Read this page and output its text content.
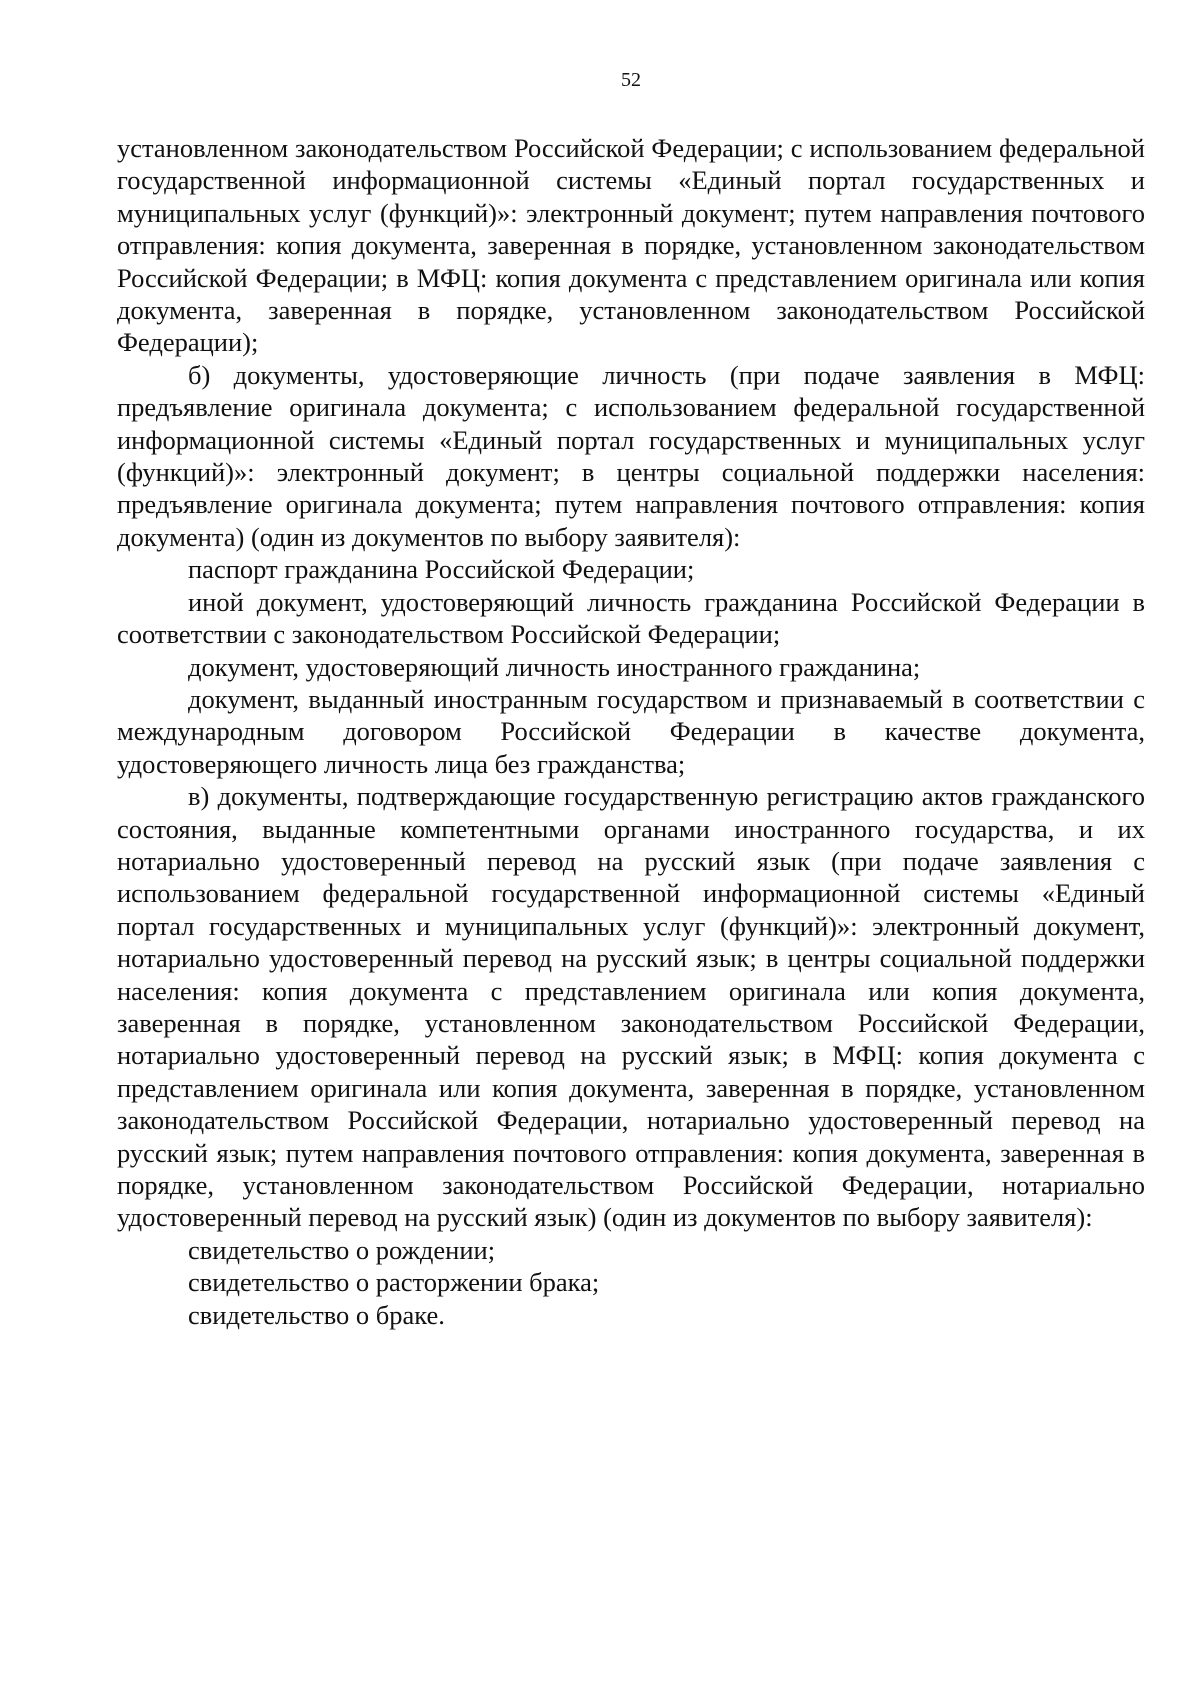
52

установленном законодательством Российской Федерации; с использованием федеральной государственной информационной системы «Единый портал государственных и муниципальных услуг (функций)»: электронный документ; путем направления почтового отправления: копия документа, заверенная в порядке, установленном законодательством Российской Федерации; в МФЦ: копия документа с представлением оригинала или копия документа, заверенная в порядке, установленном законодательством Российской Федерации);

б) документы, удостоверяющие личность (при подаче заявления в МФЦ: предъявление оригинала документа; с использованием федеральной государственной информационной системы «Единый портал государственных и муниципальных услуг (функций)»: электронный документ; в центры социальной поддержки населения: предъявление оригинала документа; путем направления почтового отправления: копия документа) (один из документов по выбору заявителя):

паспорт гражданина Российской Федерации;

иной документ, удостоверяющий личность гражданина Российской Федерации в соответствии с законодательством Российской Федерации;

документ, удостоверяющий личность иностранного гражданина;

документ, выданный иностранным государством и признаваемый в соответствии с международным договором Российской Федерации в качестве документа, удостоверяющего личность лица без гражданства;

в) документы, подтверждающие государственную регистрацию актов гражданского состояния, выданные компетентными органами иностранного государства, и их нотариально удостоверенный перевод на русский язык (при подаче заявления с использованием федеральной государственной информационной системы «Единый портал государственных и муниципальных услуг (функций)»: электронный документ, нотариально удостоверенный перевод на русский язык; в центры социальной поддержки населения: копия документа с представлением оригинала или копия документа, заверенная в порядке, установленном законодательством Российской Федерации, нотариально удостоверенный перевод на русский язык; в МФЦ: копия документа с представлением оригинала или копия документа, заверенная в порядке, установленном законодательством Российской Федерации, нотариально удостоверенный перевод на русский язык; путем направления почтового отправления: копия документа, заверенная в порядке, установленном законодательством Российской Федерации, нотариально удостоверенный перевод на русский язык) (один из документов по выбору заявителя):

свидетельство о рождении;

свидетельство о расторжении брака;

свидетельство о браке.
